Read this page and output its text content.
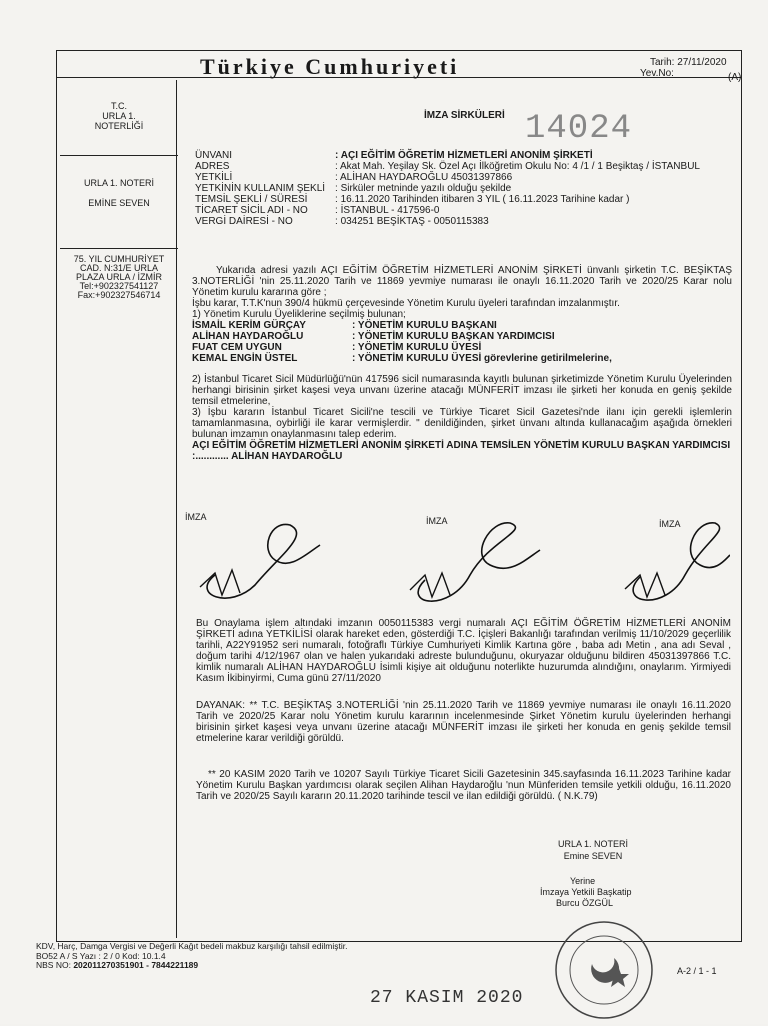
Türkiye Cumhuriyeti	Tarih: 27/11/2020
Yev.No:	(A)
T.C.
URLA 1.
NOTERLİĞİ
URLA 1. NOTERİ
EMİNE SEVEN
75. YIL CUMHURİYET
CAD. N:31/E URLA
PLAZA URLA / İZMİR
Tel:+902327541127
Fax:+902327546714
İMZA SİRKÜLERİ 14024
ÜNVANI	: AÇI EĞİTİM ÖĞRETİM HİZMETLERİ ANONİM ŞİRKETİ
ADRES	: Akat Mah. Yeşilay Sk. Özel Açı İlköğretim Okulu No: 4 /1 / 1 Beşiktaş / İSTANBUL
YETKİLİ	: ALİHAN HAYDAROĞLU 45031397866
YETKİNİN KULLANIM ŞEKLİ : Sirküler metninde yazılı olduğu şekilde
TEMSİL ŞEKLİ / SÜRESİ	: 16.11.2020 Tarihinden itibaren 3 YIL ( 16.11.2023 Tarihine kadar )
TİCARET SİCİL ADI - NO	: İSTANBUL - 417596-0
VERGİ DAİRESİ - NO	: 034251 BEŞİKTAŞ - 0050115383

Yukarıda adresi yazılı AÇI EĞİTİM ÖĞRETİM HİZMETLERİ ANONİM ŞİRKETİ ünvanlı şirketin T.C. BEŞİKTAŞ 3.NOTERLİĞİ 'nin 25.11.2020 Tarih ve 11869 yevmiye numarası ile onaylı 16.11.2020 Tarih ve 2020/25 Karar nolu Yönetim kurulu kararına göre ;

İşbu karar, T.T.K'nun 390/4 hükmü çerçevesinde Yönetim Kurulu üyeleri tarafından imzalanmıştır.

1) Yönetim Kurulu Üyeliklerine seçilmiş bulunan;

İSMAİL KERİM GÜRÇAY	: YÖNETİM KURULU BAŞKANI
ALİHAN HAYDAROĞLU	: YÖNETİM KURULU BAŞKAN YARDIMCISI
FUAT CEM UYGUN	: YÖNETİM KURULU ÜYESİ
KEMAL ENGİN ÜSTEL	: YÖNETİM KURULU ÜYESİ görevlerine getirilmelerine,

2) İstanbul Ticaret Sicil Müdürlüğü'nün 417596 sicil numarasında kayıtlı bulunan şirketimizde Yönetim Kurulu Üyelerinden herhangi birisinin şirket kaşesi veya unvanı üzerine atacağı MÜNFERİT imzası ile şirketi her konuda en geniş şekilde temsil etmelerine,

3) İşbu kararın İstanbul Ticaret Sicili'ne tescili ve Türkiye Ticaret Sicil Gazetesi'nde ilanı için gerekli işlemlerin tamamlanmasına, oybirliği ile karar vermişlerdir. " denildiğinden, şirket ünvanı altında kullanacağım aşağıda örnekleri bulunan imzamın onaylanmasını talep ederim.

AÇI EĞİTİM ÖĞRETİM HİZMETLERİ ANONİM ŞİRKETİ ADINA TEMSİLEN YÖNETİM KURULU BAŞKAN YARDIMCISI :............ ALİHAN HAYDAROĞLU

İMZA	İMZA	İMZA
Bu Onaylama işlem altındaki imzanın 0050115383 vergi numaralı AÇI EĞİTİM ÖĞRETİM HİZMETLERİ ANONİM ŞİRKETİ adına YETKİLİSİ olarak hareket eden, gösterdiği T.C. İçişleri Bakanlığı tarafından verilmiş 11/10/2029 geçerlilik tarihli, A22Y91952 seri numaralı, fotoğraflı Türkiye Cumhuriyeti Kimlik Kartına göre , baba adı Metin , ana adı Seval , doğum tarihi 4/12/1967 olan ve halen yukarıdaki adreste bulunduğunu, okuryazar olduğunu bildiren 45031397866 T.C. kimlik numaralı ALİHAN HAYDAROĞLU İsimli kişiye ait olduğunu noterlikte huzurumda alındığını, onaylarım. Yirmiyedi Kasım İkibinyirmi, Cuma günü 27/11/2020
DAYANAK: ** T.C. BEŞİKTAŞ 3.NOTERLİĞİ 'nin 25.11.2020 Tarih ve 11869 yevmiye numarası ile onaylı 16.11.2020 Tarih ve 2020/25 Karar nolu Yönetim kurulu kararının incelenmesinde Şirket Yönetim kurulu üyelerinden herhangi birisinin şirket kaşesi veya unvanı üzerine atacağı MÜNFERİT imzası ile şirketi her konuda en geniş şekilde temsil etmelerine karar verildiği görüldü.
** 20 KASIM 2020 Tarih ve 10207 Sayılı Türkiye Ticaret Sicili Gazetesinin 345.sayfasında 16.11.2023 Tarihine kadar Yönetim Kurulu Başkan yardımcısı olarak seçilen Alihan Haydaroğlu 'nun Münferiden temsile yetkili olduğu, 16.11.2020 Tarih ve 2020/25 Sayılı kararın 20.11.2020 tarihinde tescil ve ilan edildiği görüldü. ( N.K.79)
URLA 1. NOTERİ
Emine SEVEN
Yerine
İmzaya Yetkili Başkatip
Burcu ÖZGÜL
KDV, Harç, Damga Vergisi ve Değerli Kağıt bedeli makbuz karşılığı tahsil edilmiştir.
BO52 A / S Yazı : 2 / 0 Kod: 10.1.4
NBS NO: 202011270351901 - 7844221189
A-2 / 1 - 1
27 KASIM 2020
